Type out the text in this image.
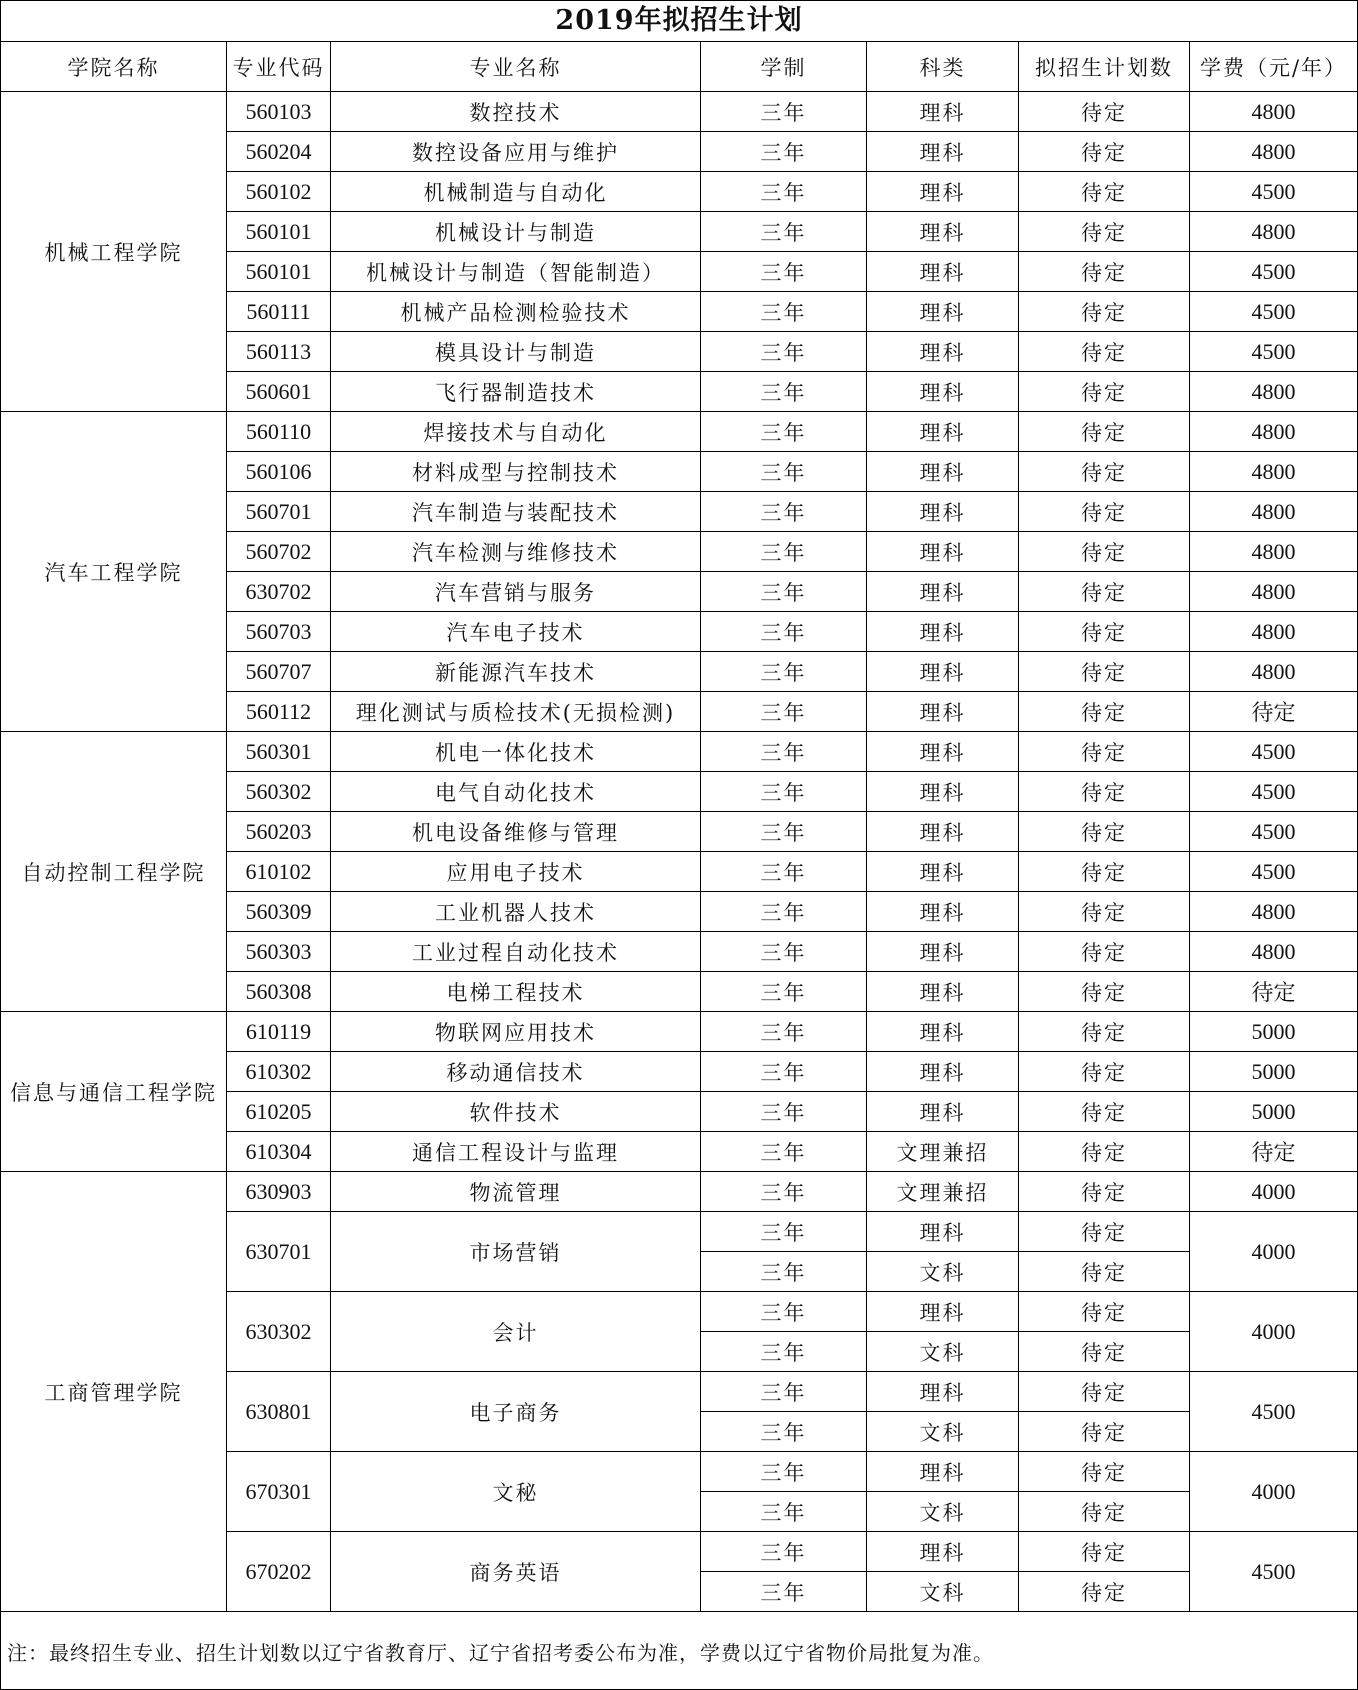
2019年拟招生计划
学院名称	专业代码	专业名称	学制	科类	拟招生计划数	学费（元/年）
机械工程学院	560103	数控技术	三年	理科	待定	4800
	560204	数控设备应用与维护	三年	理科	待定	4800
	560102	机械制造与自动化	三年	理科	待定	4500
	560101	机械设计与制造	三年	理科	待定	4800
	560101	机械设计与制造（智能制造）	三年	理科	待定	4500
	560111	机械产品检测检验技术	三年	理科	待定	4500
	560113	模具设计与制造	三年	理科	待定	4500
	560601	飞行器制造技术	三年	理科	待定	4800
汽车工程学院	560110	焊接技术与自动化	三年	理科	待定	4800
	560106	材料成型与控制技术	三年	理科	待定	4800
	560701	汽车制造与装配技术	三年	理科	待定	4800
	560702	汽车检测与维修技术	三年	理科	待定	4800
	630702	汽车营销与服务	三年	理科	待定	4800
	560703	汽车电子技术	三年	理科	待定	4800
	560707	新能源汽车技术	三年	理科	待定	4800
	560112	理化测试与质检技术(无损检测)	三年	理科	待定	待定
自动控制工程学院	560301	机电一体化技术	三年	理科	待定	4500
	560302	电气自动化技术	三年	理科	待定	4500
	560203	机电设备维修与管理	三年	理科	待定	4500
	610102	应用电子技术	三年	理科	待定	4500
	560309	工业机器人技术	三年	理科	待定	4800
	560303	工业过程自动化技术	三年	理科	待定	4800
	560308	电梯工程技术	三年	理科	待定	待定
信息与通信工程学院	610119	物联网应用技术	三年	理科	待定	5000
	610302	移动通信技术	三年	理科	待定	5000
	610205	软件技术	三年	理科	待定	5000
	610304	通信工程设计与监理	三年	文理兼招	待定	待定
工商管理学院	630903	物流管理	三年	文理兼招	待定	4000
	630701	市场营销	三年	理科	待定	4000
			三年	文科	待定	
	630302	会计	三年	理科	待定	4000
			三年	文科	待定	
	630801	电子商务	三年	理科	待定	4500
			三年	文科	待定	
	670301	文秘	三年	理科	待定	4000
			三年	文科	待定	
	670202	商务英语	三年	理科	待定	4500
			三年	文科	待定	
注：最终招生专业、招生计划数以辽宁省教育厅、辽宁省招考委公布为准，学费以辽宁省物价局批复为准。						
